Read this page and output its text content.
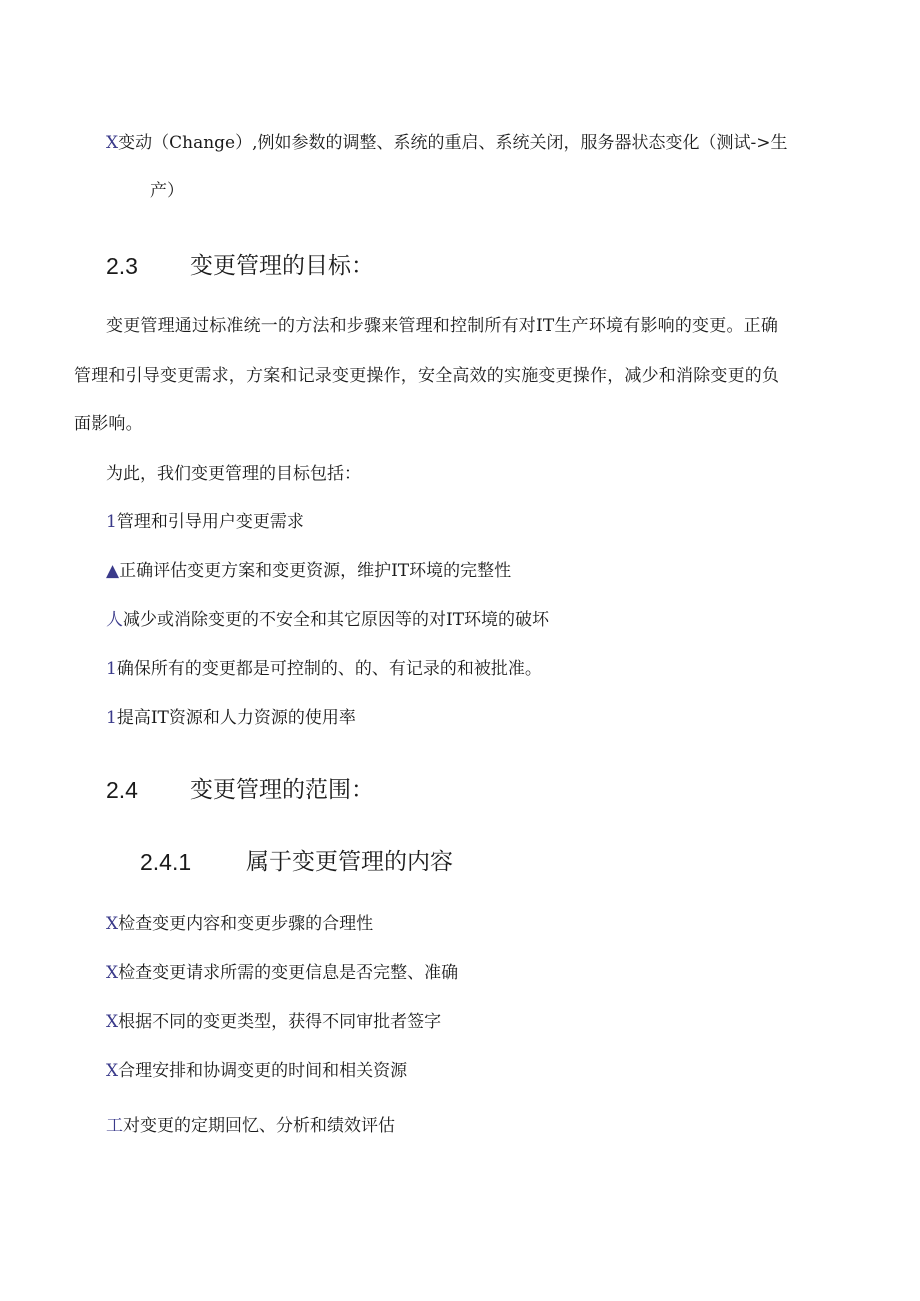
X变动（Change）,例如参数的调整、系统的重启、系统关闭，服务器状态变化（测试->生
产）
2.3 变更管理的目标：
变更管理通过标准统一的方法和步骤来管理和控制所有对IT生产环境有影响的变更。正确
管理和引导变更需求，方案和记录变更操作，安全高效的实施变更操作，减少和消除变更的负
面影响。
为此，我们变更管理的目标包括：
1管理和引导用户变更需求
▲正确评估变更方案和变更资源，维护IT环境的完整性
人减少或消除变更的不安全和其它原因等的对IT环境的破坏
1确保所有的变更都是可控制的、的、有记录的和被批准。
1提高IT资源和人力资源的使用率
2.4 变更管理的范围：
2.4.1 属于变更管理的内容
X检查变更内容和变更步骤的合理性
X检查变更请求所需的变更信息是否完整、准确
X根据不同的变更类型，获得不同审批者签字
X合理安排和协调变更的时间和相关资源
工对变更的定期回忆、分析和绩效评估
